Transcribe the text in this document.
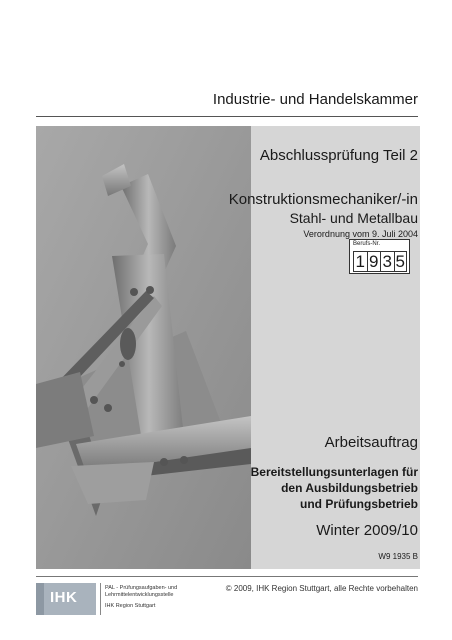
Industrie- und Handelskammer
Abschlussprüfung Teil 2
Konstruktionsmechaniker/-in
Stahl- und Metallbau
Verordnung vom 9. Juli 2004
Berufs-Nr.
1 9 3 5
Arbeitsauftrag
Bereitstellungsunterlagen für
den Ausbildungsbetrieb
und Prüfungsbetrieb
Winter 2009/10
W9 1935 B
IHK
PAL - Prüfungsaufgaben- und
Lehrmittelentwicklungsstelle
IHK Region Stuttgart
© 2009, IHK Region Stuttgart, alle Rechte vorbehalten
